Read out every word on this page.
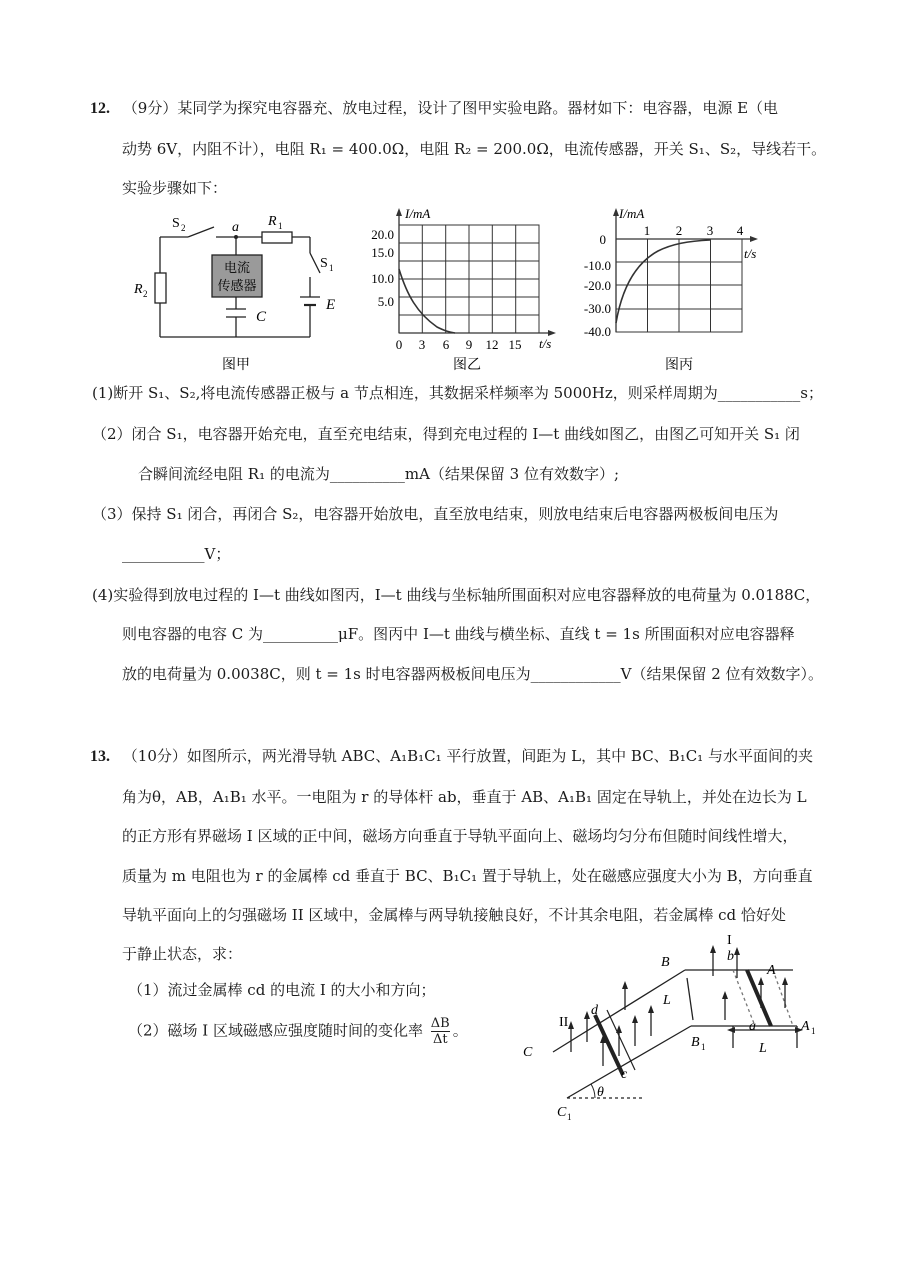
12. （9分）某同学为探究电容器充、放电过程，设计了图甲实验电路。器材如下：电容器，电源 E（电
动势 6V，内阻不计），电阻 R₁ = 400.0Ω，电阻 R₂ = 200.0Ω，电流传感器，开关 S₁、S₂，导线若干。
实验步骤如下：
电流
传感器
S 2	a R 1
S 1
R 2
C
E
图甲
I/mA
t/s
20.0
15.0
10.0
5.0
0 3 6 9 12 15
图乙
I/mA
t/s
0
-10.0
-20.0
-30.0
-40.0
1 2 3 4
图丙
(1)断开 S₁、S₂,将电流传感器正极与 a 节点相连，其数据采样频率为 5000Hz，则采样周期为___________s；
（2）闭合 S₁，电容器开始充电，直至充电结束，得到充电过程的 I—t 曲线如图乙，由图乙可知开关 S₁ 闭
合瞬间流经电阻 R₁ 的电流为__________mA（结果保留 3 位有效数字）;
（3）保持 S₁ 闭合，再闭合 S₂，电容器开始放电，直至放电结束，则放电结束后电容器两极板间电压为
___________V；
(4)实验得到放电过程的 I—t 曲线如图丙，I—t 曲线与坐标轴所围面积对应电容器释放的电荷量为 0.0188C，
则电容器的电容 C 为__________μF。图丙中 I—t 曲线与横坐标、直线 t = 1s 所围面积对应电容器释
放的电荷量为 0.0038C，则 t = 1s 时电容器两极板间电压为____________V（结果保留 2 位有效数字）。
13. （10分）如图所示，两光滑导轨 ABC、A₁B₁C₁ 平行放置，间距为 L，其中 BC、B₁C₁ 与水平面间的夹
角为θ，AB，A₁B₁ 水平。一电阻为 r 的导体杆 ab，垂直于 AB、A₁B₁ 固定在导轨上，并处在边长为 L
的正方形有界磁场 I 区域的正中间，磁场方向垂直于导轨平面向上、磁场均匀分布但随时间线性增大，
质量为 m 电阻也为 r 的金属棒 cd 垂直于 BC、B₁C₁ 置于导轨上，处在磁感应强度大小为 B，方向垂直
导轨平面向上的匀强磁场 II 区域中，金属棒与两导轨接触良好，不计其余电阻，若金属棒 cd 恰好处
于静止状态，求：
（1）流过金属棒 cd 的电流 I 的大小和方向；
（2）磁场 I 区域磁感应强度随时间的变化率 $\frac{\Delta B}{\Delta t}$ 。
B
A
I
b
L
II
d
C
B 1
a	A 1
L
c
θ
C 1
